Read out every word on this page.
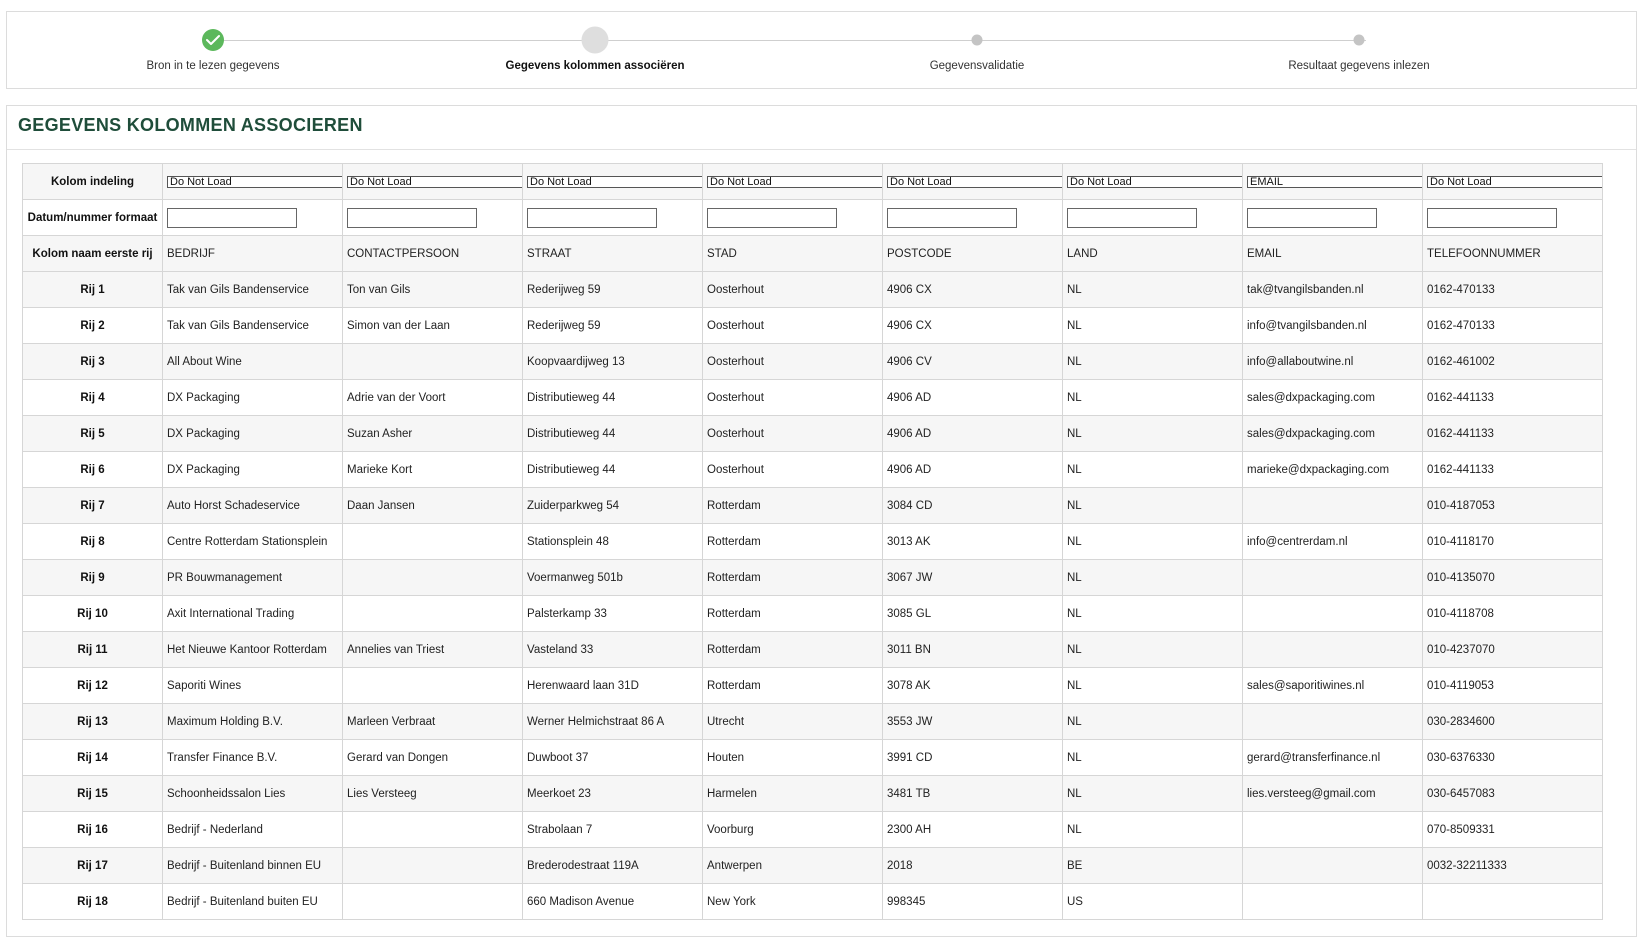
Bron in te lezen gegevens	Gegevens kolommen associëren	Gegevensvalidatie	Resultaat gegevens inlezen
GEGEVENS KOLOMMEN ASSOCIEREN
Kolom indeling	Do Not Load	Do Not Load	Do Not Load	Do Not Load	Do Not Load	Do Not Load	EMAIL	Do Not Load

Datum/nummer formaat	

Kolom naam eerste rij	BEDRIJF	CONTACTPERSOON	STRAAT	STAD	POSTCODE	LAND	EMAIL	TELEFOONNUMMER
Rij 1	Tak van Gils Bandenservice	Ton van Gils	Rederijweg 59	Oosterhout	4906 CX	NL	tak@tvangilsbanden.nl	0162-470133
Rij 2	Tak van Gils Bandenservice	Simon van der Laan	Rederijweg 59	Oosterhout	4906 CX	NL	info@tvangilsbanden.nl	0162-470133
Rij 3	All About Wine		Koopvaardijweg 13	Oosterhout	4906 CV	NL	info@allaboutwine.nl	0162-461002
Rij 4	DX Packaging	Adrie van der Voort	Distributieweg 44	Oosterhout	4906 AD	NL	sales@dxpackaging.com	0162-441133
Rij 5	DX Packaging	Suzan Asher	Distributieweg 44	Oosterhout	4906 AD	NL	sales@dxpackaging.com	0162-441133
Rij 6	DX Packaging	Marieke Kort	Distributieweg 44	Oosterhout	4906 AD	NL	marieke@dxpackaging.com	0162-441133
Rij 7	Auto Horst Schadeservice	Daan Jansen	Zuiderparkweg 54	Rotterdam	3084 CD	NL		010-4187053
Rij 8	Centre Rotterdam Stationsplein		Stationsplein 48	Rotterdam	3013 AK	NL	info@centrerdam.nl	010-4118170
Rij 9	PR Bouwmanagement		Voermanweg 501b	Rotterdam	3067 JW	NL		010-4135070
Rij 10	Axit International Trading		Palsterkamp 33	Rotterdam	3085 GL	NL		010-4118708
Rij 11	Het Nieuwe Kantoor Rotterdam	Annelies van Triest	Vasteland 33	Rotterdam	3011 BN	NL		010-4237070
Rij 12	Saporiti Wines		Herenwaard laan 31D	Rotterdam	3078 AK	NL	sales@saporitiwines.nl	010-4119053
Rij 13	Maximum Holding B.V.	Marleen Verbraat	Werner Helmichstraat 86 A	Utrecht	3553 JW	NL		030-2834600
Rij 14	Transfer Finance B.V.	Gerard van Dongen	Duwboot 37	Houten	3991 CD	NL	gerard@transferfinance.nl	030-6376330
Rij 15	Schoonheidssalon Lies	Lies Versteeg	Meerkoet 23	Harmelen	3481 TB	NL	lies.versteeg@gmail.com	030-6457083
Rij 16	Bedrijf - Nederland		Strabolaan 7	Voorburg	2300 AH	NL		070-8509331
Rij 17	Bedrijf - Buitenland binnen EU		Brederodestraat 119A	Antwerpen	2018	BE		0032-32211333
Rij 18	Bedrijf - Buitenland buiten EU		660 Madison Avenue	New York	998345	US		
